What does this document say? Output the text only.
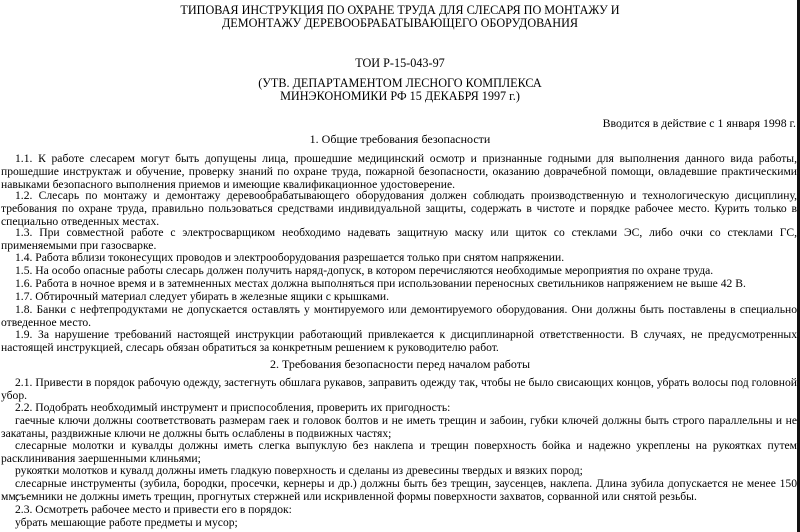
ТИПОВАЯ ИНСТРУКЦИЯ ПО ОХРАНЕ ТРУДА ДЛЯ СЛЕСАРЯ ПО МОНТАЖУ И ДЕМОНТАЖУ ДЕРЕВООБРАБАТЫВАЮЩЕГО ОБОРУДОВАНИЯ
ТОИ Р-15-043-97
(УТВ. ДЕПАРТАМЕНТОМ ЛЕСНОГО КОМПЛЕКСА МИНЭКОНОМИКИ РФ 15 ДЕКАБРЯ 1997 г.)
Вводится в действие с 1 января 1998 г.
1. Общие требования безопасности
1.1. К работе слесарем могут быть допущены лица, прошедшие медицинский осмотр и признанные годными для выполнения данного вида работы, прошедшие инструктаж и обучение, проверку знаний по охране труда, пожарной безопасности, оказанию доврачебной помощи, овладевшие практическими навыками безопасного выполнения приемов и имеющие квалификационное удостоверение.
1.2. Слесарь по монтажу и демонтажу деревообрабатывающего оборудования должен соблюдать производственную и технологическую дисциплину, требования по охране труда, правильно пользоваться средствами индивидуальной защиты, содержать в чистоте и порядке рабочее место. Курить только в специально отведенных местах.
1.3. При совместной работе с электросварщиком необходимо надевать защитную маску или щиток со стеклами ЭС, либо очки со стеклами ГС, применяемыми при газосварке.
1.4. Работа вблизи токонесущих проводов и электрооборудования разрешается только при снятом напряжении.
1.5. На особо опасные работы слесарь должен получить наряд-допуск, в котором перечисляются необходимые мероприятия по охране труда.
1.6. Работа в ночное время и в затемненных местах должна выполняться при использовании переносных светильников напряжением не выше 42 В.
1.7. Обтирочный материал следует убирать в железные ящики с крышками.
1.8. Банки с нефтепродуктами не допускается оставлять у монтируемого или демонтируемого оборудования. Они должны быть поставлены в специально отведенное место.
1.9. За нарушение требований настоящей инструкции работающий привлекается к дисциплинарной ответственности. В случаях, не предусмотренных настоящей инструкцией, слесарь обязан обратиться за конкретным решением к руководителю работ.
2. Требования безопасности перед началом работы
2.1. Привести в порядок рабочую одежду, застегнуть обшлага рукавов, заправить одежду так, чтобы не было свисающих концов, убрать волосы под головной убор.
2.2. Подобрать необходимый инструмент и приспособления, проверить их пригодность:
гаечные ключи должны соответствовать размерам гаек и головок болтов и не иметь трещин и забоин, губки ключей должны быть строго параллельны и не закатаны, раздвижные ключи не должны быть ослаблены в подвижных частях;
слесарные молотки и кувалды должны иметь слегка выпуклую без наклепа и трещин поверхность бойка и надежно укреплены на рукоятках путем расклинивания заершенными клиньями;
рукоятки молотков и кувалд должны иметь гладкую поверхность и сделаны из древесины твердых и вязких пород;
слесарные инструменты (зубила, бородки, просечки, кернеры и др.) должны быть без трещин, заусенцев, наклепа. Длина зубила допускается не менее 150 мм;
съемники не должны иметь трещин, прогнутых стержней или искривленной формы поверхности захватов, сорванной или снятой резьбы.
2.3. Осмотреть рабочее место и привести его в порядок:
убрать мешающие работе предметы и мусор;
